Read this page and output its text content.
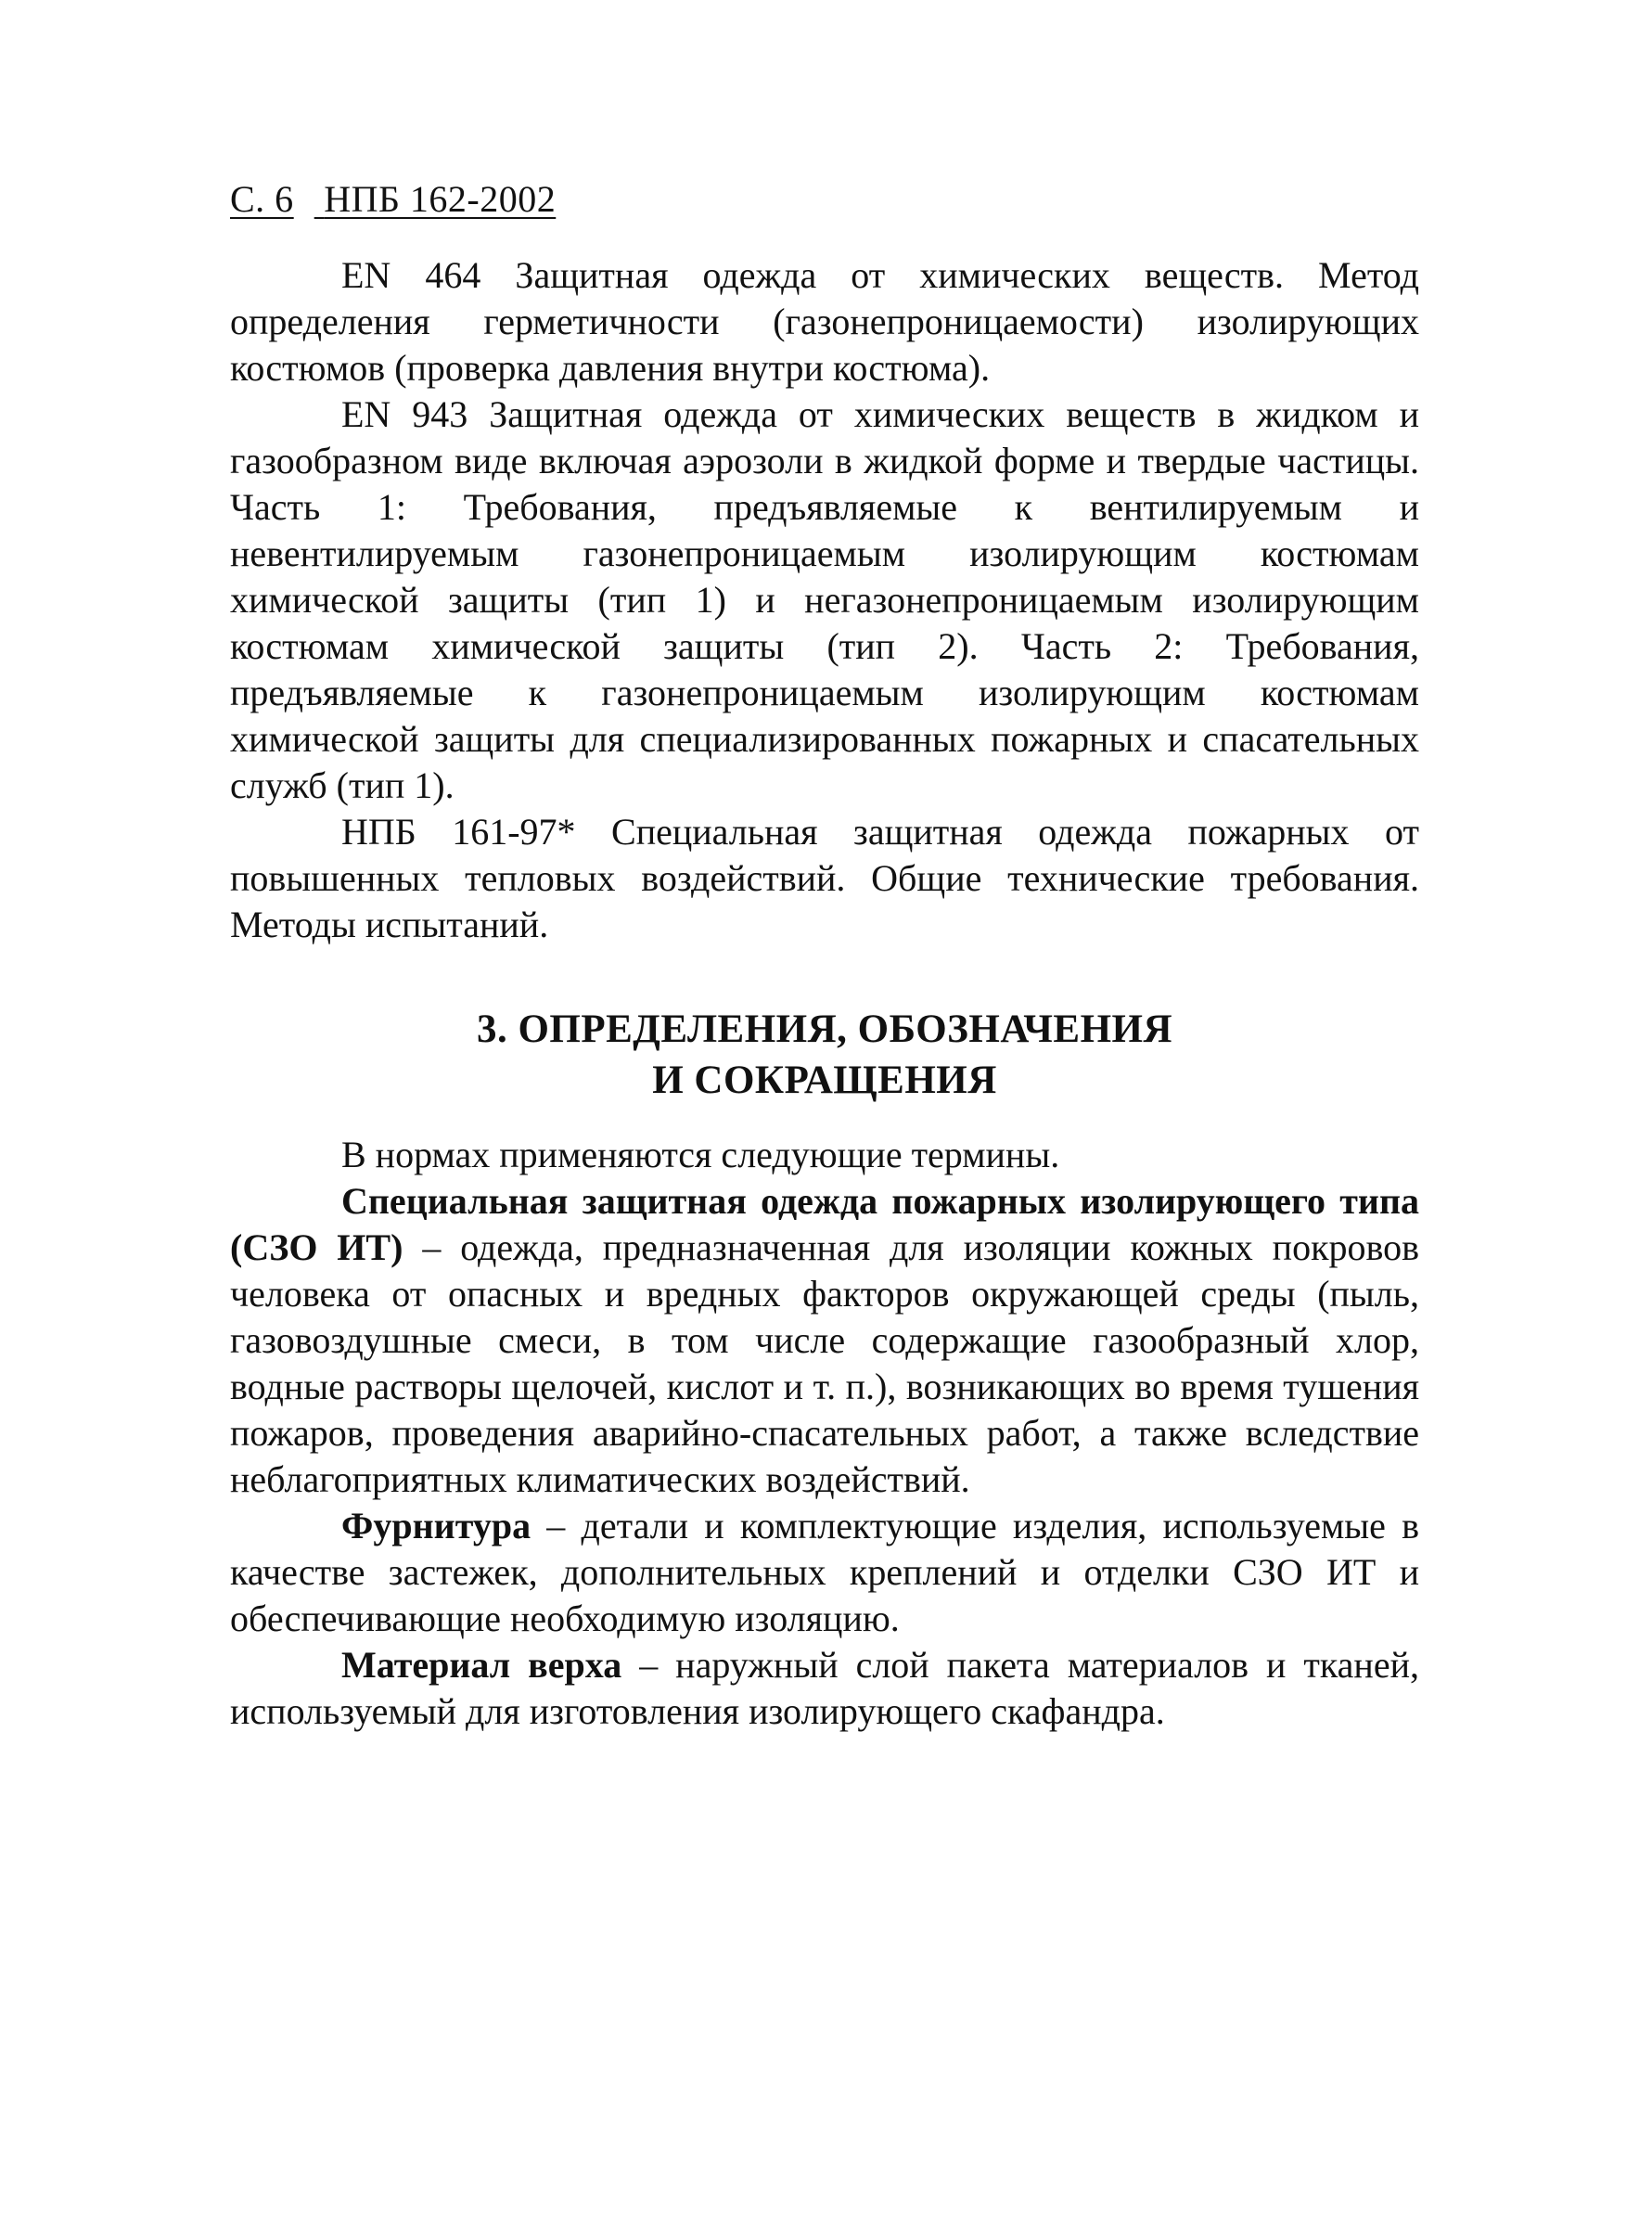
С. 6 НПБ 162-2002

EN 464 Защитная одежда от химических веществ. Метод определения герметичности (газонепроницаемости) изолирующих костюмов (проверка давления внутри костюма).

EN 943 Защитная одежда от химических веществ в жидком и газообразном виде включая аэрозоли в жидкой форме и твердые частицы. Часть 1: Требования, предъявляемые к вентилируемым и невентилируемым газонепроницаемым изолирующим костюмам химической защиты (тип 1) и негазонепроницаемым изолирующим костюмам химической защиты (тип 2). Часть 2: Требования, предъявляемые к газонепроницаемым изолирующим костюмам химической защиты для специализированных пожарных и спасательных служб (тип 1).

НПБ 161-97* Специальная защитная одежда пожарных от повышенных тепловых воздействий. Общие технические требования. Методы испытаний.

3. ОПРЕДЕЛЕНИЯ, ОБОЗНАЧЕНИЯ
И СОКРАЩЕНИЯ

В нормах применяются следующие термины.

Специальная защитная одежда пожарных изолирующего типа (СЗО ИТ) – одежда, предназначенная для изоляции кожных покровов человека от опасных и вредных факторов окружающей среды (пыль, газовоздушные смеси, в том числе содержащие газообразный хлор, водные растворы щелочей, кислот и т. п.), возникающих во время тушения пожаров, проведения аварийно-спасательных работ, а также вследствие неблагоприятных климатических воздействий.

Фурнитура – детали и комплектующие изделия, используемые в качестве застежек, дополнительных креплений и отделки СЗО ИТ и обеспечивающие необходимую изоляцию.

Материал верха – наружный слой пакета материалов и тканей, используемый для изготовления изолирующего скафандра.
